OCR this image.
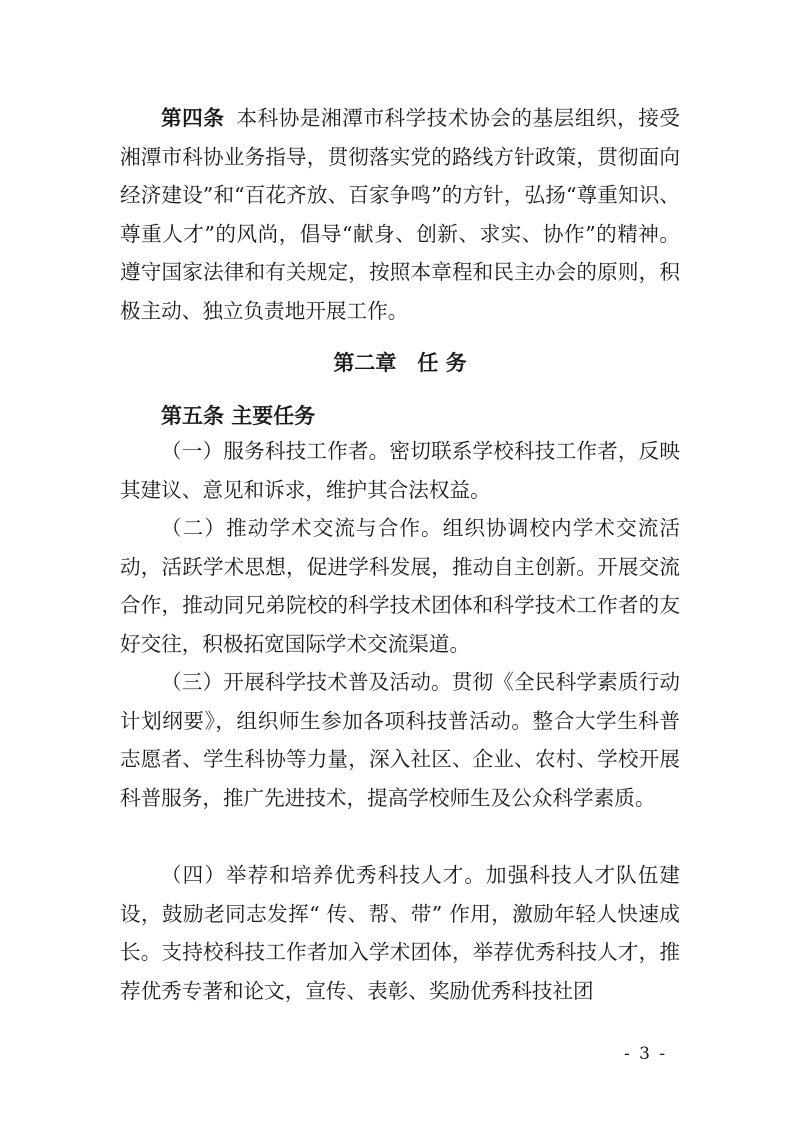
第四条 本科协是湘潭市科学技术协会的基层组织，接受湘潭市科协业务指导，贯彻落实党的路线方针政策，贯彻面向经济建设”和“百花齐放、百家争鸣”的方针，弘扬“尊重知识、尊重人才”的风尚，倡导“献身、创新、求实、协作”的精神。遵守国家法律和有关规定，按照本章程和民主办会的原则，积极主动、独立负责地开展工作。

第二章　任 务
第五条 主要任务

（一）服务科技工作者。密切联系学校科技工作者，反映其建议、意见和诉求，维护其合法权益。

（二）推动学术交流与合作。组织协调校内学术交流活动，活跃学术思想，促进学科发展，推动自主创新。开展交流合作，推动同兄弟院校的科学技术团体和科学技术工作者的友好交往，积极拓宽国际学术交流渠道。

（三）开展科学技术普及活动。贯彻《全民科学素质行动计划纲要》，组织师生参加各项科技普活动。整合大学生科普志愿者、学生科协等力量，深入社区、企业、农村、学校开展科普服务，推广先进技术，提高学校师生及公众科学素质。

（四）举荐和培养优秀科技人才。加强科技人才队伍建设，鼓励老同志发挥“ 传、帮、带” 作用，激励年轻人快速成长。支持校科技工作者加入学术团体，举荐优秀科技人才，推荐优秀专著和论文，宣传、表彰、奖励优秀科技社团

- 3 -
